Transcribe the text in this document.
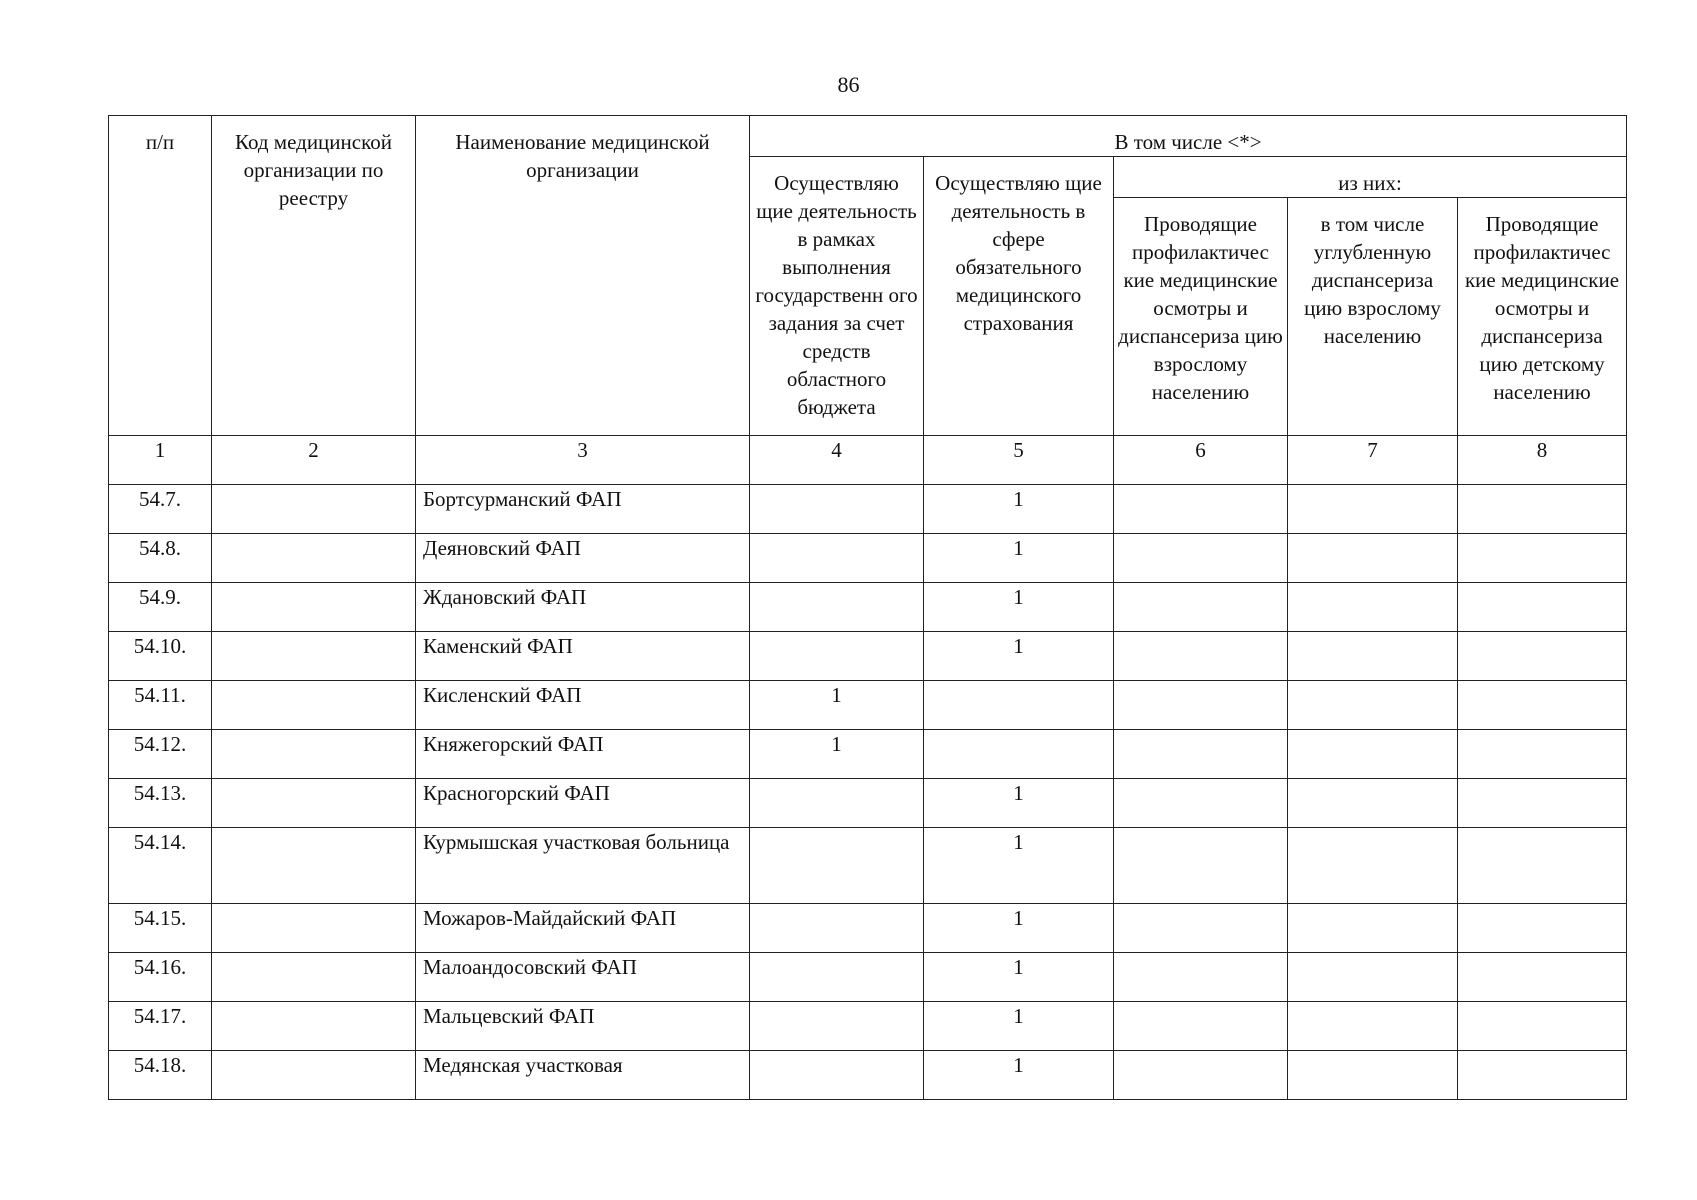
86
п/п	Код медицинской организации по реестру	Наименование медицинской организации	В том числе <*>				
			Осуществляю щие деятельность в рамках выполнения государственн ого задания за счет средств областного бюджета	Осуществляю щие деятельность в сфере обязательного медицинского страхования	из них:		
					Проводящие профилактичес кие медицинские осмотры и диспансериза цию взрослому населению	в том числе углубленную диспансериза цию взрослому населению	Проводящие профилактичес кие медицинские осмотры и диспансериза цию детскому населению
1	2	3	4	5	6	7	8
54.7.		Бортсурманский ФАП		1			
54.8.		Деяновский ФАП		1			
54.9.		Ждановский ФАП		1			
54.10.		Каменский ФАП		1			
54.11.		Кисленский ФАП	1				
54.12.		Княжегорский ФАП	1				
54.13.		Красногорский ФАП		1			
54.14.		Курмышская участковая больница		1			
54.15.		Можаров-Майдайский ФАП		1			
54.16.		Малоандосовский ФАП		1			
54.17.		Мальцевский ФАП		1			
54.18.		Медянская участковая		1			
